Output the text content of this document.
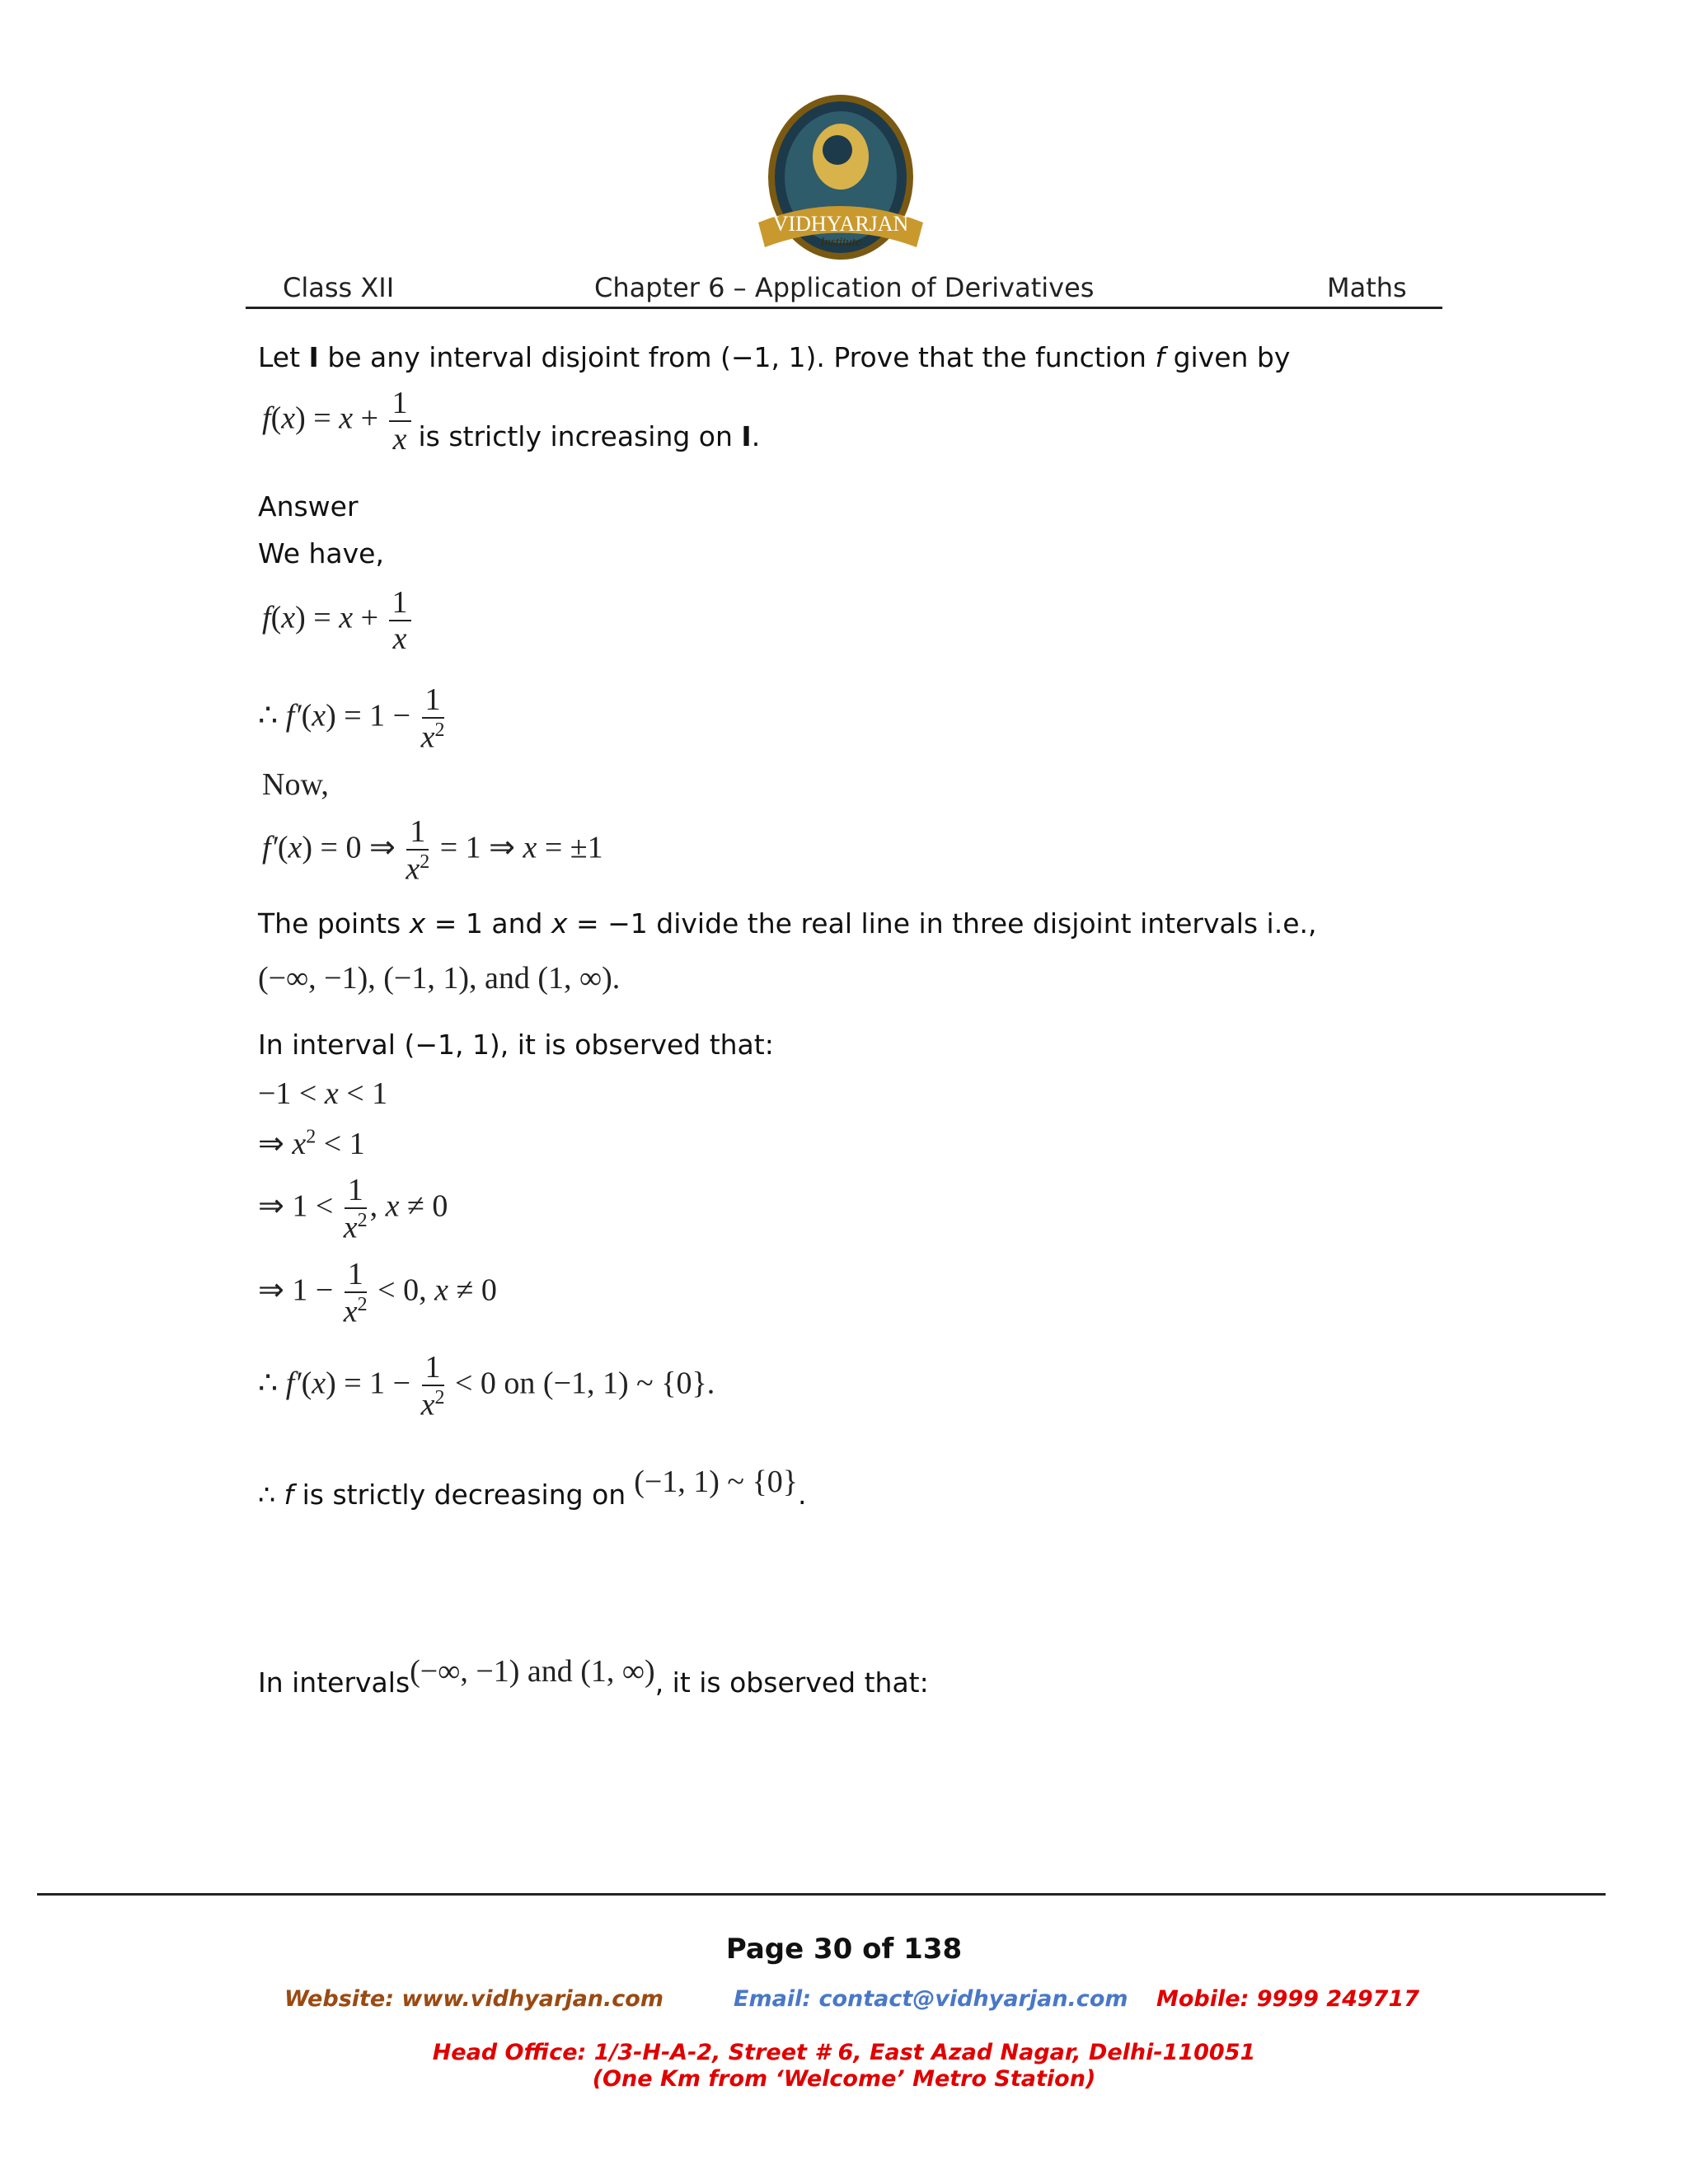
VIDHYARJAN
Institute
Class XII	Chapter 6 – Application of Derivatives	Maths
Let I be any interval disjoint from (−1, 1). Prove that the function f given by
$f(x) = x + \frac{1}{x}$ is strictly increasing on I.
Answer
We have,
$f(x) = x + \frac{1}{x}$
∴ $f'(x) = 1 - \frac{1}{x^2}$
Now,
f′(x) = 0 ⇒ $\frac{1}{x^2} = 1$ ⇒ x = ±1
The points x = 1 and x = −1 divide the real line in three disjoint intervals i.e.,
(−∞, −1), (−1, 1), and (1, ∞).
In interval (−1, 1), it is observed that:
−1 < x < 1
⇒ $x^2 < 1$
⇒ $1 < \frac{1}{x^2}$ , x ≠ 0
⇒ $1 - \frac{1}{x^2} < 0$, x ≠ 0
∴ $f'(x) = 1 - \frac{1}{x^2} < 0$ on (−1, 1) ~ {0}.
∴ f is strictly decreasing on (−1, 1) ~ {0} .
In intervals (−∞, −1) and (1, ∞) , it is observed that:
Page 30 of 138
Website: www.vidhyarjan.com	Email: contact@vidhyarjan.com Mobile: 9999 249717
Head Office: 1/3-H-A-2, Street # 6, East Azad Nagar, Delhi-110051
(One Km from ‘Welcome’ Metro Station)
